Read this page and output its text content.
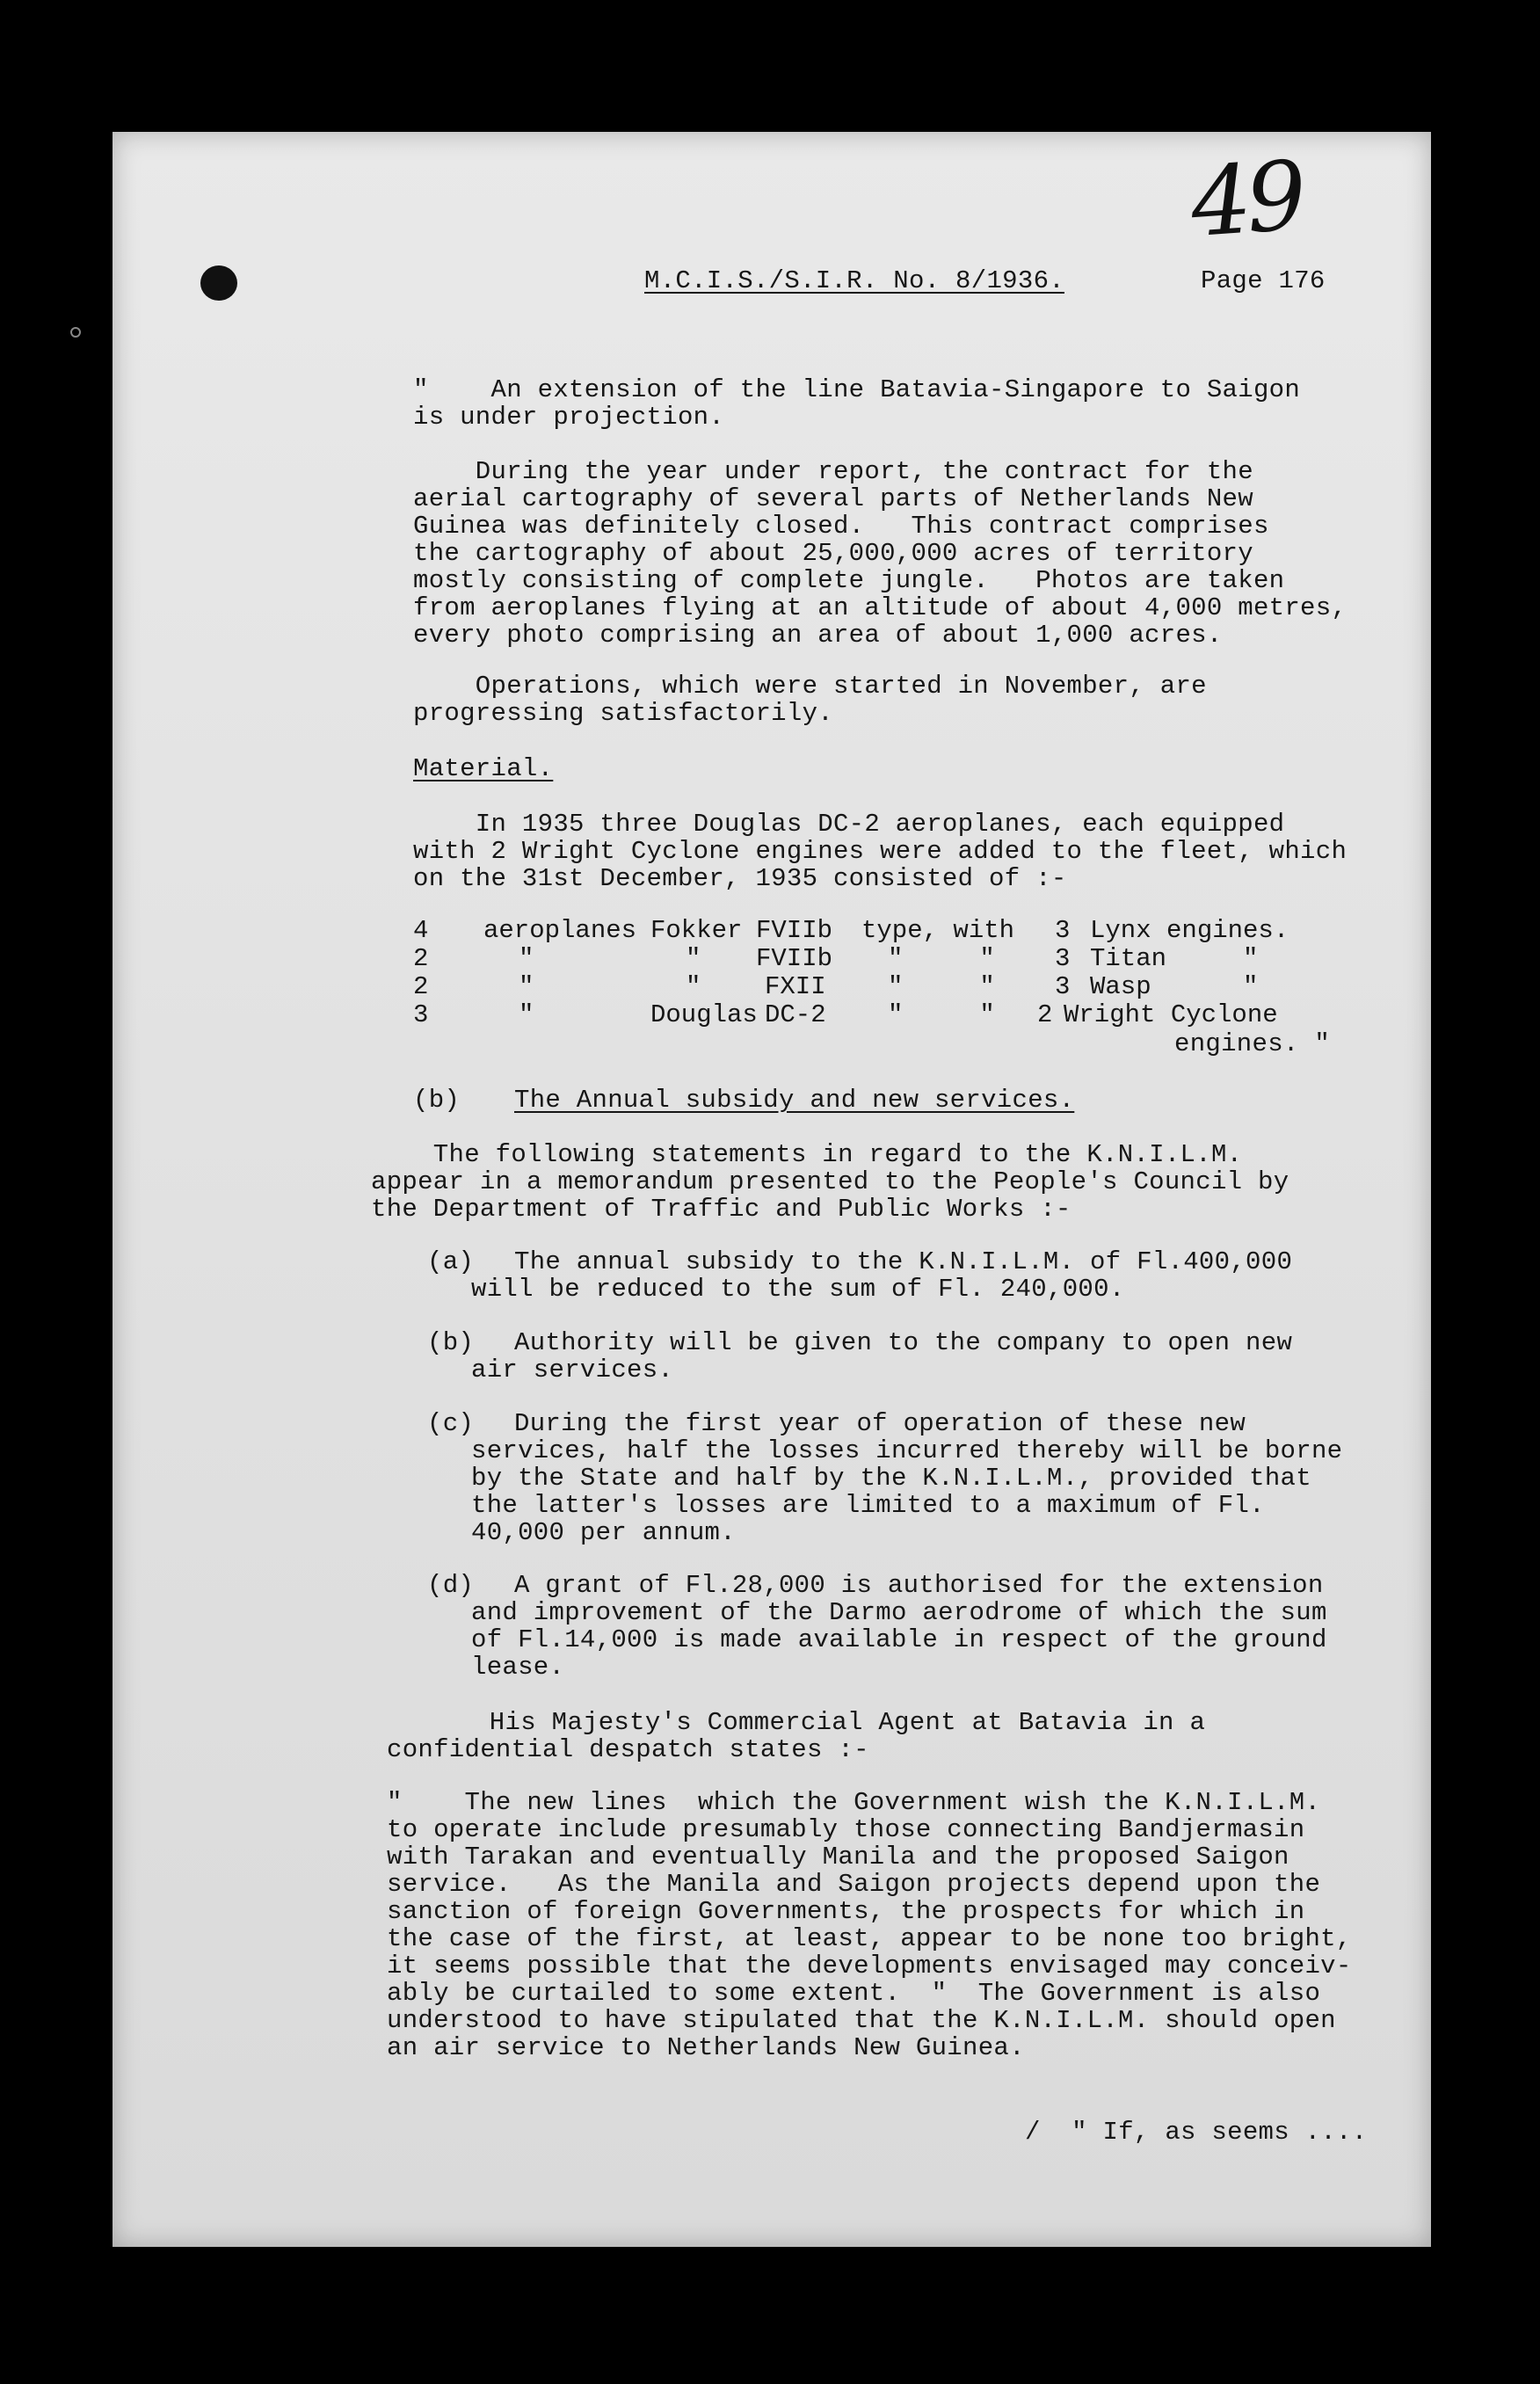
49
M.C.I.S./S.I.R. No. 8/1936.	Page 176
"    An extension of the line Batavia-Singapore to Saigon
is under projection.
During the year under report, the contract for the
aerial cartography of several parts of Netherlands New
Guinea was definitely closed.   This contract comprises
the cartography of about 25,000,000 acres of territory
mostly consisting of complete jungle.   Photos are taken
from aeroplanes flying at an altitude of about 4,000 metres,
every photo comprising an area of about 1,000 acres.
Operations, which were started in November, are
progressing satisfactorily.
Material.
In 1935 three Douglas DC-2 aeroplanes, each equipped
with 2 Wright Cyclone engines were added to the fleet, which
on the 31st December, 1935 consisted of :-
4 aeroplanes Fokker FVIIb type, with 3 Lynx engines.
2	"	" FVIIb "     " 3 Titan     "
2	"	"	FXII "     " 3 Wasp      "
3	"	Douglas DC-2 "     " 2 Wright Cyclone
engines. "
(b) The Annual subsidy and new services.
The following statements in regard to the K.N.I.L.M.
appear in a memorandum presented to the People's Council by
the Department of Traffic and Public Works :-
(a) The annual subsidy to the K.N.I.L.M. of Fl.400,000
will be reduced to the sum of Fl. 240,000.
(b) Authority will be given to the company to open new
air services.
(c) During the first year of operation of these new
services, half the losses incurred thereby will be borne
by the State and half by the K.N.I.L.M., provided that
the latter's losses are limited to a maximum of Fl.
40,000 per annum.
(d) A grant of Fl.28,000 is authorised for the extension
and improvement of the Darmo aerodrome of which the sum
of Fl.14,000 is made available in respect of the ground
lease.
His Majesty's Commercial Agent at Batavia in a
confidential despatch states :-
"    The new lines  which the Government wish the K.N.I.L.M.
to operate include presumably those connecting Bandjermasin
with Tarakan and eventually Manila and the proposed Saigon
service.   As the Manila and Saigon projects depend upon the
sanction of foreign Governments, the prospects for which in
the case of the first, at least, appear to be none too bright,
it seems possible that the developments envisaged may conceiv-
ably be curtailed to some extent.  "  The Government is also
understood to have stipulated that the K.N.I.L.M. should open
an air service to Netherlands New Guinea.
/  " If, as seems ....
